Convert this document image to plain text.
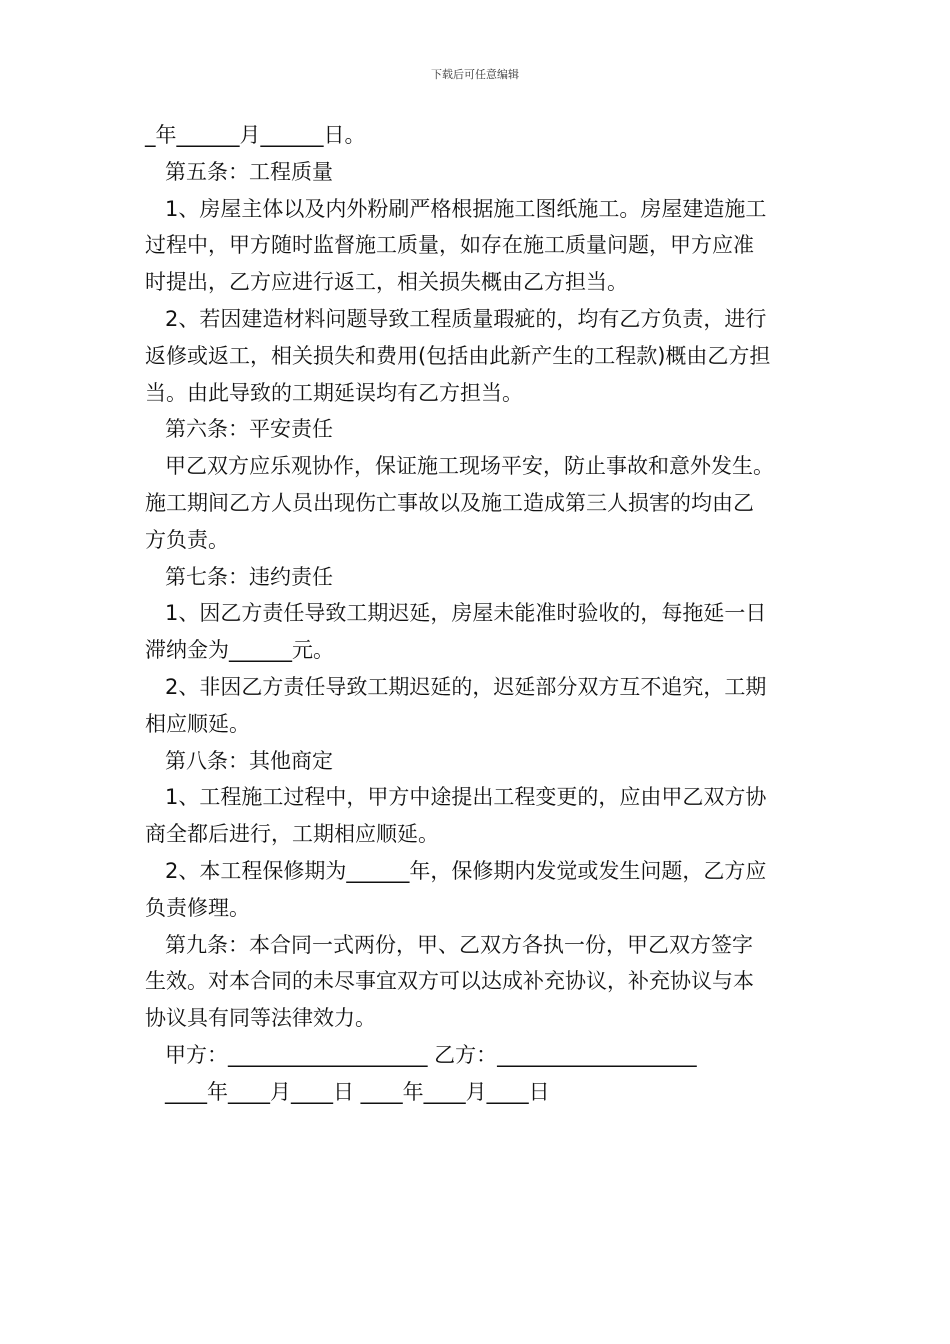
下载后可任意编辑

_年______月______日。

第五条：工程质量

1、房屋主体以及内外粉刷严格根据施工图纸施工。房屋建造施工

过程中，甲方随时监督施工质量，如存在施工质量问题，甲方应准

时提出，乙方应进行返工，相关损失概由乙方担当。

2、若因建造材料问题导致工程质量瑕疵的，均有乙方负责，进行

返修或返工，相关损失和费用(包括由此新产生的工程款)概由乙方担

当。由此导致的工期延误均有乙方担当。

第六条：平安责任

甲乙双方应乐观协作，保证施工现场平安，防止事故和意外发生。

施工期间乙方人员出现伤亡事故以及施工造成第三人损害的均由乙

方负责。

第七条：违约责任

1、因乙方责任导致工期迟延，房屋未能准时验收的，每拖延一日

滞纳金为______元。

2、非因乙方责任导致工期迟延的，迟延部分双方互不追究，工期

相应顺延。

第八条：其他商定

1、工程施工过程中，甲方中途提出工程变更的，应由甲乙双方协

商全都后进行，工期相应顺延。

2、本工程保修期为______年，保修期内发觉或发生问题，乙方应

负责修理。

第九条：本合同一式两份，甲、乙双方各执一份，甲乙双方签字

生效。对本合同的未尽事宜双方可以达成补充协议，补充协议与本

协议具有同等法律效力。

甲方：___________________ 乙方：___________________

____年____月____日 ____年____月____日
